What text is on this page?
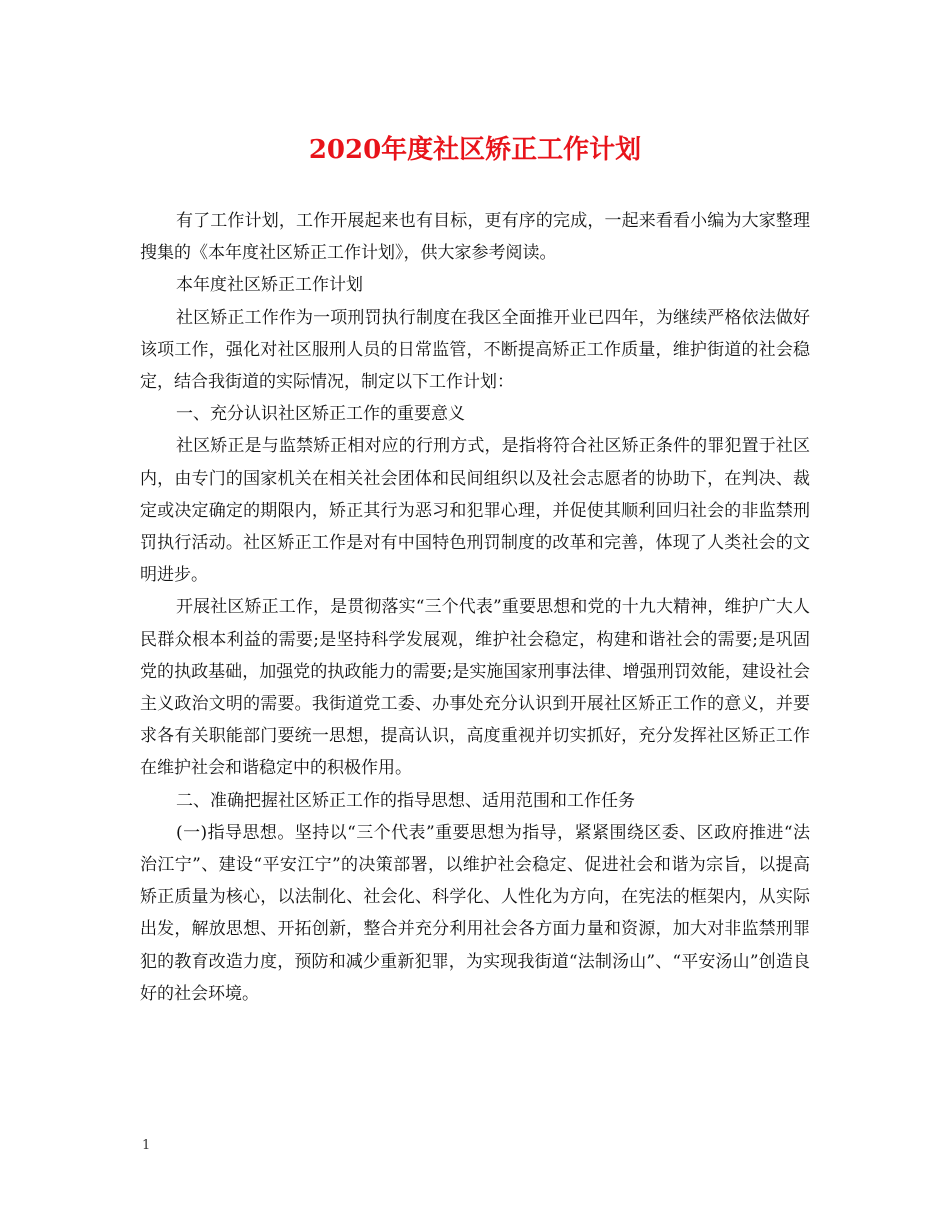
2020年度社区矫正工作计划

有了工作计划，工作开展起来也有目标，更有序的完成，一起来看看小编为大家整理搜集的《本年度社区矫正工作计划》，供大家参考阅读。

本年度社区矫正工作计划

社区矫正工作作为一项刑罚执行制度在我区全面推开业已四年，为继续严格依法做好该项工作，强化对社区服刑人员的日常监管，不断提高矫正工作质量，维护街道的社会稳定，结合我街道的实际情况，制定以下工作计划：

一、充分认识社区矫正工作的重要意义

社区矫正是与监禁矫正相对应的行刑方式，是指将符合社区矫正条件的罪犯置于社区内，由专门的国家机关在相关社会团体和民间组织以及社会志愿者的协助下，在判决、裁定或决定确定的期限内，矫正其行为恶习和犯罪心理，并促使其顺利回归社会的非监禁刑罚执行活动。社区矫正工作是对有中国特色刑罚制度的改革和完善，体现了人类社会的文明进步。

开展社区矫正工作，是贯彻落实“三个代表”重要思想和党的十九大精神，维护广大人民群众根本利益的需要;是坚持科学发展观，维护社会稳定，构建和谐社会的需要;是巩固党的执政基础，加强党的执政能力的需要;是实施国家刑事法律、增强刑罚效能，建设社会主义政治文明的需要。我街道党工委、办事处充分认识到开展社区矫正工作的意义，并要求各有关职能部门要统一思想，提高认识，高度重视并切实抓好，充分发挥社区矫正工作在维护社会和谐稳定中的积极作用。

二、准确把握社区矫正工作的指导思想、适用范围和工作任务

(一)指导思想。坚持以“三个代表”重要思想为指导，紧紧围绕区委、区政府推进“法治江宁”、建设“平安江宁”的决策部署，以维护社会稳定、促进社会和谐为宗旨，以提高矫正质量为核心，以法制化、社会化、科学化、人性化为方向，在宪法的框架内，从实际出发，解放思想、开拓创新，整合并充分利用社会各方面力量和资源，加大对非监禁刑罪犯的教育改造力度，预防和减少重新犯罪，为实现我街道“法制汤山”、“平安汤山”创造良好的社会环境。

1
